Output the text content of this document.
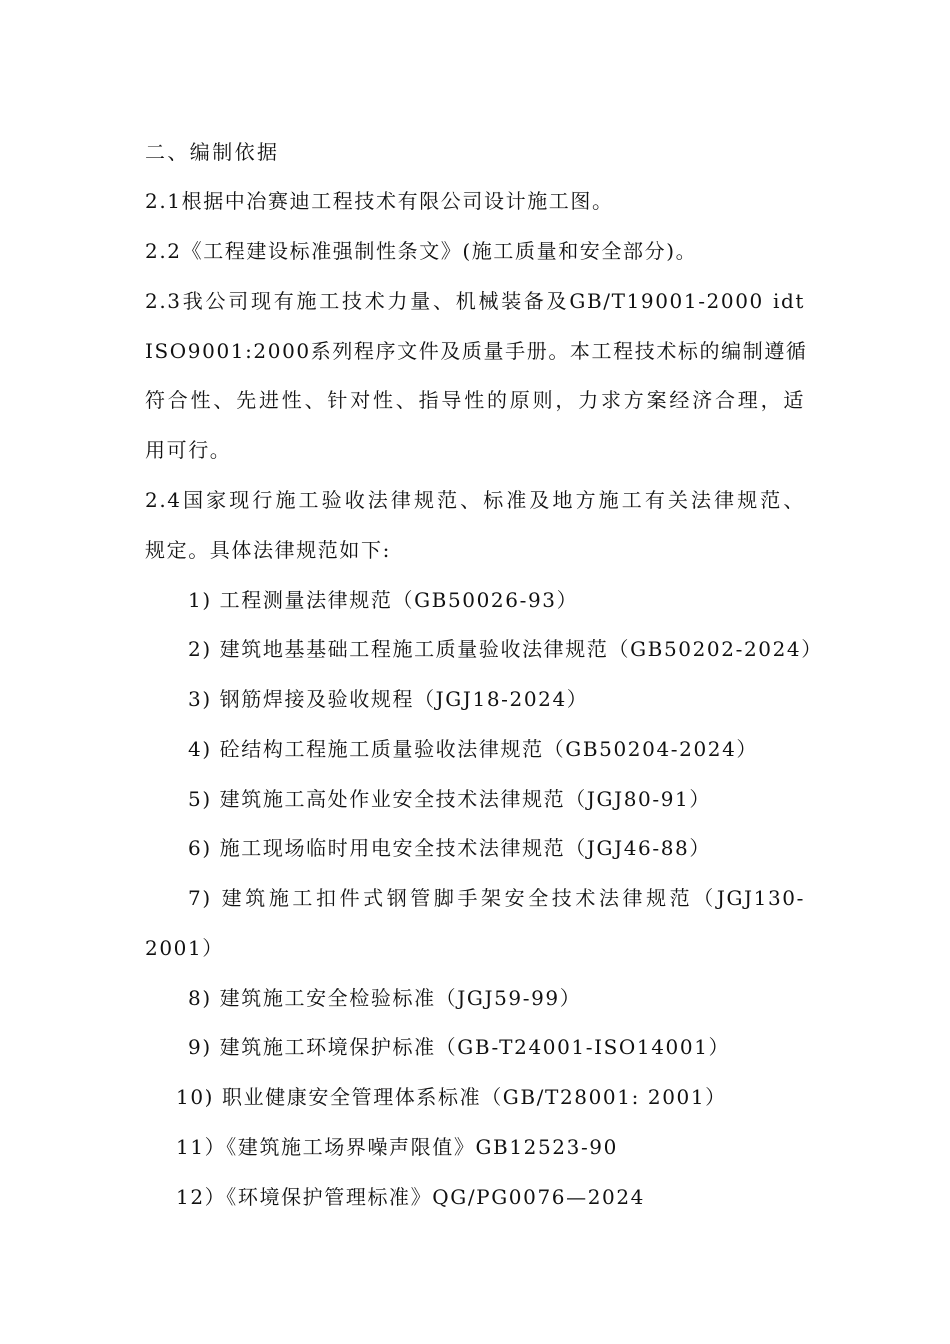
二、编制依据
2.1根据中冶赛迪工程技术有限公司设计施工图。
2.2《工程建设标准强制性条文》(施工质量和安全部分)。
2.3我公司现有施工技术力量、机械装备及GB/T19001-2000 idt
ISO9001:2000系列程序文件及质量手册。本工程技术标的编制遵循
符合性、先进性、针对性、指导性的原则，力求方案经济合理，适
用可行。
2.4国家现行施工验收法律规范、标准及地方施工有关法律规范、
规定。具体法律规范如下:
1) 工程测量法律规范（GB50026-93）
2) 建筑地基基础工程施工质量验收法律规范（GB50202-2024）
3) 钢筋焊接及验收规程（JGJ18-2024）
4) 砼结构工程施工质量验收法律规范（GB50204-2024）
5) 建筑施工高处作业安全技术法律规范（JGJ80-91）
6) 施工现场临时用电安全技术法律规范（JGJ46-88）
7) 建筑施工扣件式钢管脚手架安全技术法律规范（JGJ130-
2001）
8) 建筑施工安全检验标准（JGJ59-99）
9) 建筑施工环境保护标准（GB-T24001-ISO14001）
10) 职业健康安全管理体系标准（GB/T28001: 2001）
11）《建筑施工场界噪声限值》GB12523-90
12）《环境保护管理标准》QG/PG0076—2024
